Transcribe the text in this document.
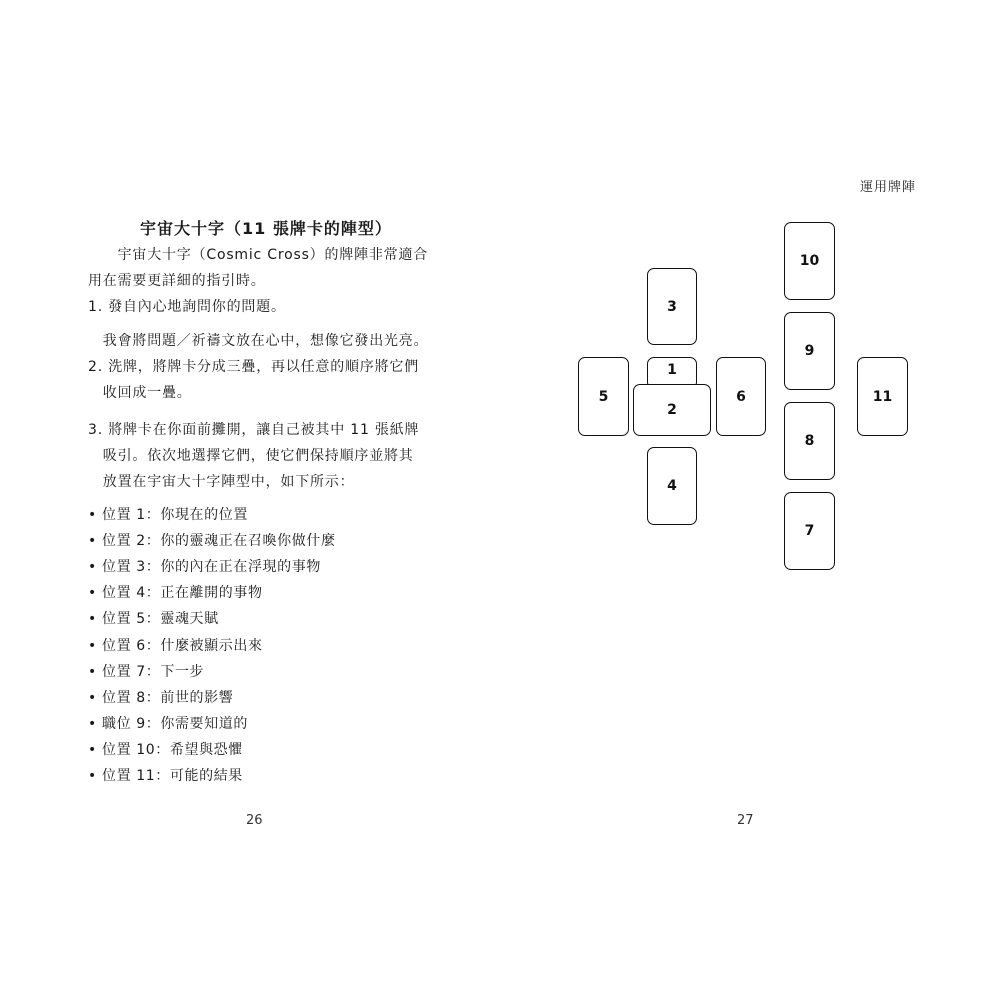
宇宙大十字（11 張牌卡的陣型）
　　宇宙大十字（Cosmic Cross）的牌陣非常適合
用在需要更詳細的指引時。
1. 發自內心地詢問你的問題。
　我會將問題／祈禱文放在心中，想像它發出光亮。
2. 洗牌，將牌卡分成三疊，再以任意的順序將它們
　收回成一疊。
3. 將牌卡在你面前攤開，讓自己被其中 11 張紙牌
　吸引。依次地選擇它們，使它們保持順序並將其
　放置在宇宙大十字陣型中，如下所示：
• 位置 1：你現在的位置
• 位置 2：你的靈魂正在召喚你做什麼
• 位置 3：你的內在正在浮現的事物
• 位置 4：正在離開的事物
• 位置 5：靈魂天賦
• 位置 6：什麼被顯示出來
• 位置 7：下一步
• 位置 8：前世的影響
• 職位 9：你需要知道的
• 位置 10：希望與恐懼
• 位置 11：可能的結果
26
運用牌陣
3
1
2
4
5	6
10
9
8
7
11
27
